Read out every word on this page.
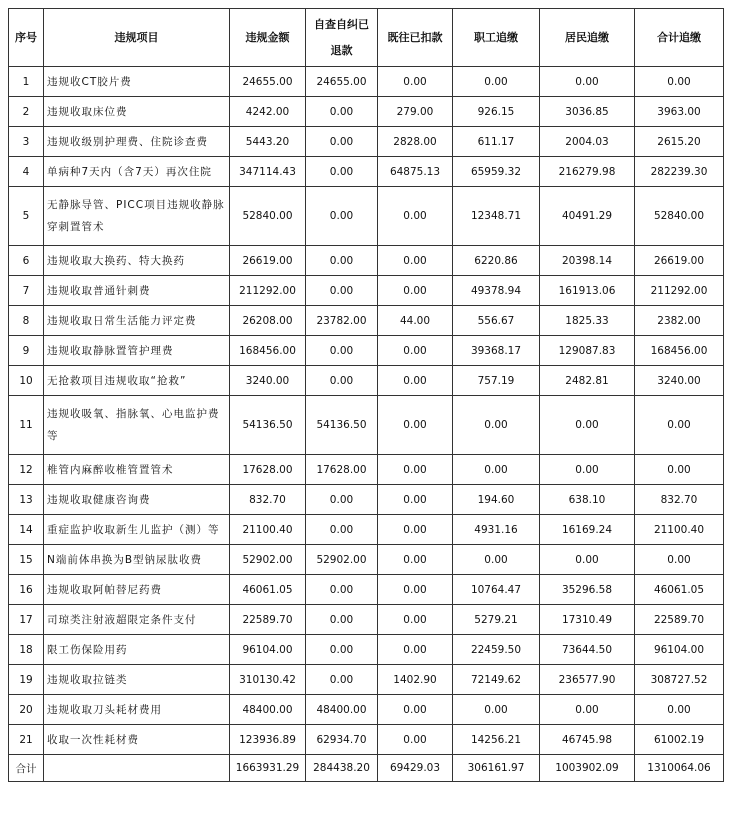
序号	违规项目	违规金额	自查自纠已退款	既往已扣款	职工追缴	居民追缴	合计追缴
1	违规收CT胶片费	24655.00	24655.00	0.00	0.00	0.00	0.00
2	违规收取床位费	4242.00	0.00	279.00	926.15	3036.85	3963.00
3	违规收级别护理费、住院诊查费	5443.20	0.00	2828.00	611.17	2004.03	2615.20
4	单病种7天内（含7天）再次住院	347114.43	0.00	64875.13	65959.32	216279.98	282239.30
5	无静脉导管、PICC项目违规收静脉穿刺置管术	52840.00	0.00	0.00	12348.71	40491.29	52840.00
6	违规收取大换药、特大换药	26619.00	0.00	0.00	6220.86	20398.14	26619.00
7	违规收取普通针刺费	211292.00	0.00	0.00	49378.94	161913.06	211292.00
8	违规收取日常生活能力评定费	26208.00	23782.00	44.00	556.67	1825.33	2382.00
9	违规收取静脉置管护理费	168456.00	0.00	0.00	39368.17	129087.83	168456.00
10	无抢救项目违规收取“抢救”	3240.00	0.00	0.00	757.19	2482.81	3240.00
11	违规收吸氧、指脉氧、心电监护费等	54136.50	54136.50	0.00	0.00	0.00	0.00
12	椎管内麻醉收椎管置管术	17628.00	17628.00	0.00	0.00	0.00	0.00
13	违规收取健康咨询费	832.70	0.00	0.00	194.60	638.10	832.70
14	重症监护收取新生儿监护（测）等	21100.40	0.00	0.00	4931.16	16169.24	21100.40
15	N端前体串换为B型钠尿肽收费	52902.00	52902.00	0.00	0.00	0.00	0.00
16	违规收取阿帕替尼药费	46061.05	0.00	0.00	10764.47	35296.58	46061.05
17	司琼类注射液超限定条件支付	22589.70	0.00	0.00	5279.21	17310.49	22589.70
18	限工伤保险用药	96104.00	0.00	0.00	22459.50	73644.50	96104.00
19	违规收取拉链类	310130.42	0.00	1402.90	72149.62	236577.90	308727.52
20	违规收取刀头耗材费用	48400.00	48400.00	0.00	0.00	0.00	0.00
21	收取一次性耗材费	123936.89	62934.70	0.00	14256.21	46745.98	61002.19
合计		1663931.29	284438.20	69429.03	306161.97	1003902.09	1310064.06
